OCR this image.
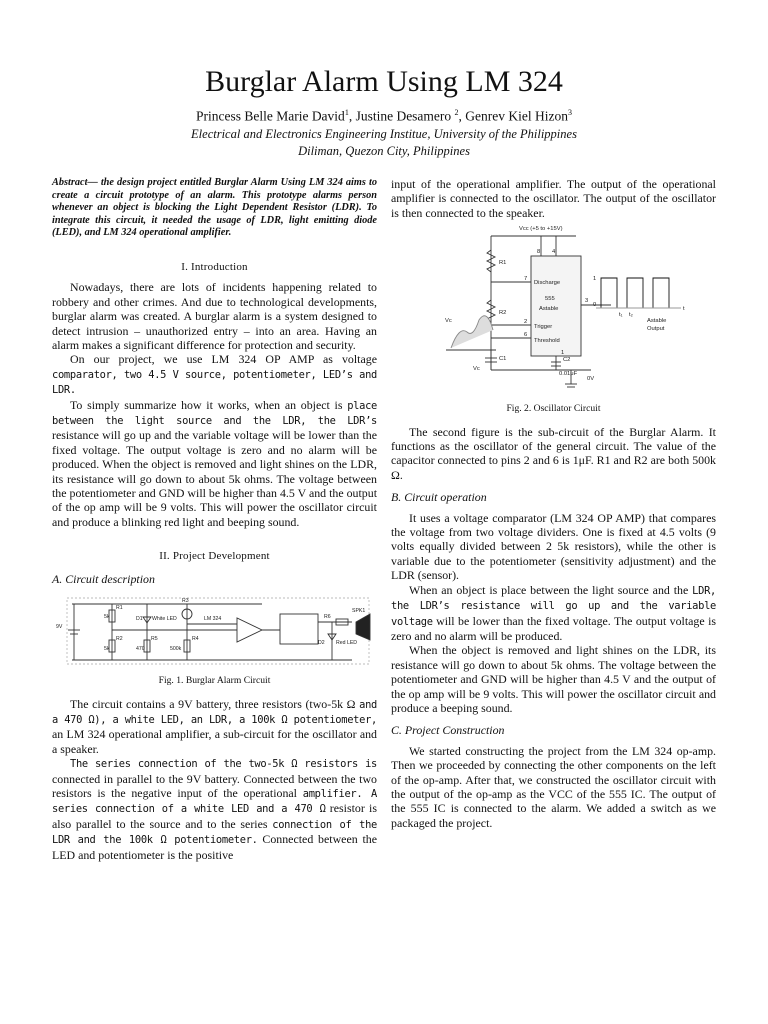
Burglar Alarm Using LM 324
Princess Belle Marie David$^1$, Justine Desamero $^2$, Genrev Kiel Hizon$^3$
Electrical and Electronics Engineering Institue, University of the Philippines
Diliman, Quezon City, Philippines

Abstract— the design project entitled Burglar Alarm Using LM 324 aims to create a circuit prototype of an alarm. This prototype alarms person whenever an object is blocking the Light Dependent Resistor (LDR). To integrate this circuit, it needed the usage of LDR, light emitting diode (LED), and LM 324 operational amplifier.

I. Introduction

Nowadays, there are lots of incidents happening related to robbery and other crimes. And due to technological developments, burglar alarm was created. A burglar alarm is a system designed to detect intrusion – unauthorized entry – into an area. Having an alarm makes a significant difference for protection and security.

On our project, we use LM 324 OP AMP as voltage comparator, two 4.5 V source, potentiometer, LED’s and LDR.

To simply summarize how it works, when an object is place between the light source and the LDR, the LDR’s resistance will go up and the variable voltage will be lower than the fixed voltage. The output voltage is zero and no alarm will be produced. When the object is removed and light shines on the LDR, its resistance will go down to about 5k ohms. The voltage between the potentiometer and GND will be higher than 4.5 V and the output of the op amp will be 9 volts. This will power the oscillator circuit and produce a blinking red light and beeping sound.

II. Project Development
A. Circuit description
R1
5k
R2
5k
R3
R4
500k
R5
470
D1 White LED	LM 324
9V
R6
SPK1
D2 Red LED
Fig. 1. Burglar Alarm Circuit

The circuit contains a 9V battery, three resistors (two-5k Ω and a 470 Ω), a white LED, an LDR, a 100k Ω potentiometer, an LM 324 operational amplifier, a sub-circuit for the oscillator and a speaker.

The series connection of the two-5k Ω resistors is connected in parallel to the 9V battery. Connected between the two resistors is the negative input of the operational amplifier. A series connection of a white LED and a 470 Ω resistor is also parallel to the source and to the series connection of the LDR and the 100k Ω potentiometer. Connected between the LED and potentiometer is the positive

input of the operational amplifier. The output of the operational amplifier is connected to the oscillator. The output of the oscillator is then connected to the speaker.

Vcc (+5 to +15V)
8 4
7
2
6
3
1
R1
R2
Discharge
555
Astable
Trigger
Threshold
C1	C2
0.01μF
0V
Astable
Output
1
0
t
t₁ t₂
Vc
Vc
Fig. 2. Oscillator Circuit

The second figure is the sub-circuit of the Burglar Alarm. It functions as the oscillator of the general circuit. The value of the capacitor connected to pins 2 and 6 is 1μF. R1 and R2 are both 500k Ω.

B. Circuit operation

It uses a voltage comparator (LM 324 OP AMP) that compares the voltage from two voltage dividers. One is fixed at 4.5 volts (9 volts equally divided between 2 5k resistors), while the other is variable due to the potentiometer (sensitivity adjustment) and the LDR (sensor).

When an object is place between the light source and the LDR, the LDR’s resistance will go up and the variable voltage will be lower than the fixed voltage. The output voltage is zero and no alarm will be produced.

When the object is removed and light shines on the LDR, its resistance will go down to about 5k ohms. The voltage between the potentiometer and GND will be higher than 4.5 V and the output of the op amp will be 9 volts. This will power the oscillator circuit and produce a beeping sound.

C. Project Construction

We started constructing the project from the LM 324 op-amp. Then we proceeded by connecting the other components on the left of the op-amp. After that, we constructed the oscillator circuit with the output of the op-amp as the VCC of the 555 IC. The output of the 555 IC is connected to the alarm. We added a switch as we packaged the project.
